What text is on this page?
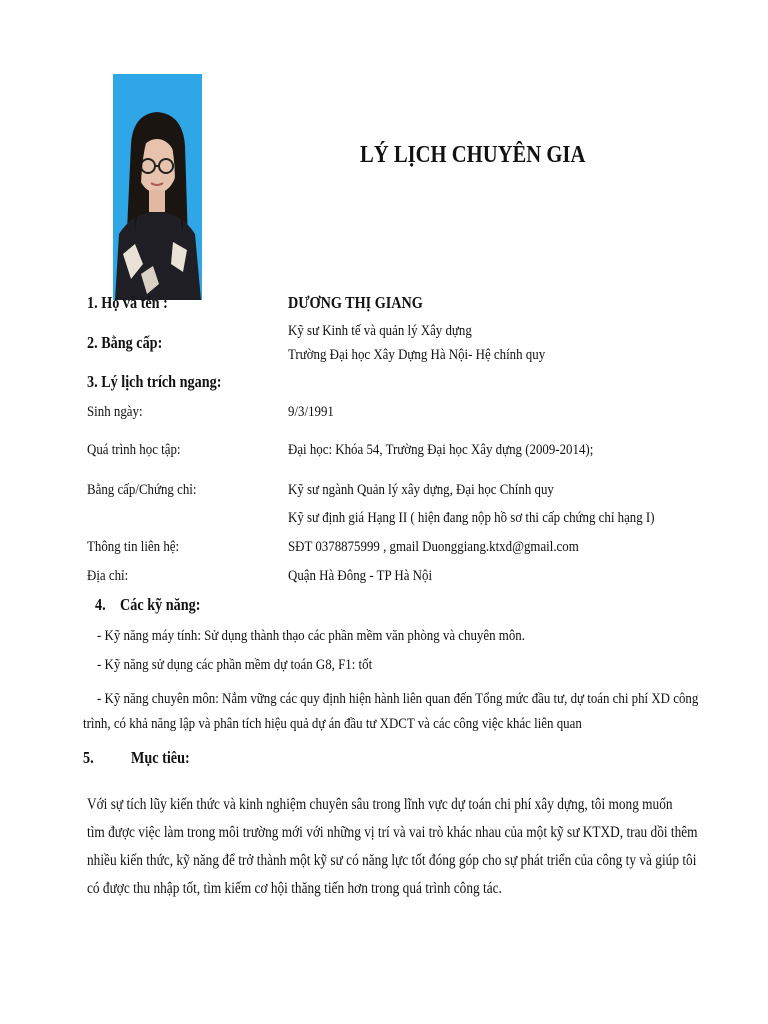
LÝ LỊCH CHUYÊN GIA
1. Họ và tên :	DƯƠNG THỊ GIANG
2. Bằng cấp:
Kỹ sư Kinh tế và quản lý Xây dựng
Trường Đại học Xây Dựng Hà Nội- Hệ chính quy
3. Lý lịch trích ngang:
Sinh ngày:	9/3/1991
Quá trình học tập:	Đại học: Khóa 54, Trường Đại học Xây dựng (2009-2014);
Bằng cấp/Chứng chỉ:	Kỹ sư ngành Quản lý xây dựng, Đại học Chính quy
Kỹ sư định giá Hạng II ( hiện đang nộp hồ sơ thi cấp chứng chỉ hạng I)
Thông tin liên hệ:	SĐT 0378875999 , gmail Duonggiang.ktxd@gmail.com
Địa chỉ:	Quận Hà Đông - TP Hà Nội
4. Các kỹ năng:
- Kỹ năng máy tính: Sử dụng thành thạo các phần mềm văn phòng và chuyên môn.
- Kỹ năng sử dụng các phần mềm dự toán G8, F1: tốt
- Kỹ năng chuyên môn: Nắm vững các quy định hiện hành liên quan đến Tổng mức đầu tư, dự toán chi phí XD công
trình, có khả năng lập và phân tích hiệu quả dự án đầu tư XDCT và các công việc khác liên quan
5. Mục tiêu:
Với sự tích lũy kiến thức và kinh nghiệm chuyên sâu trong lĩnh vực dự toán chi phí xây dựng, tôi mong muốn
tìm được việc làm trong môi trường mới với những vị trí và vai trò khác nhau của một kỹ sư KTXD, trau dồi thêm
nhiều kiến thức, kỹ năng để trở thành một kỹ sư có năng lực tốt đóng góp cho sự phát triển của công ty và giúp tôi
có được thu nhập tốt, tìm kiếm cơ hội thăng tiến hơn trong quá trình công tác.
